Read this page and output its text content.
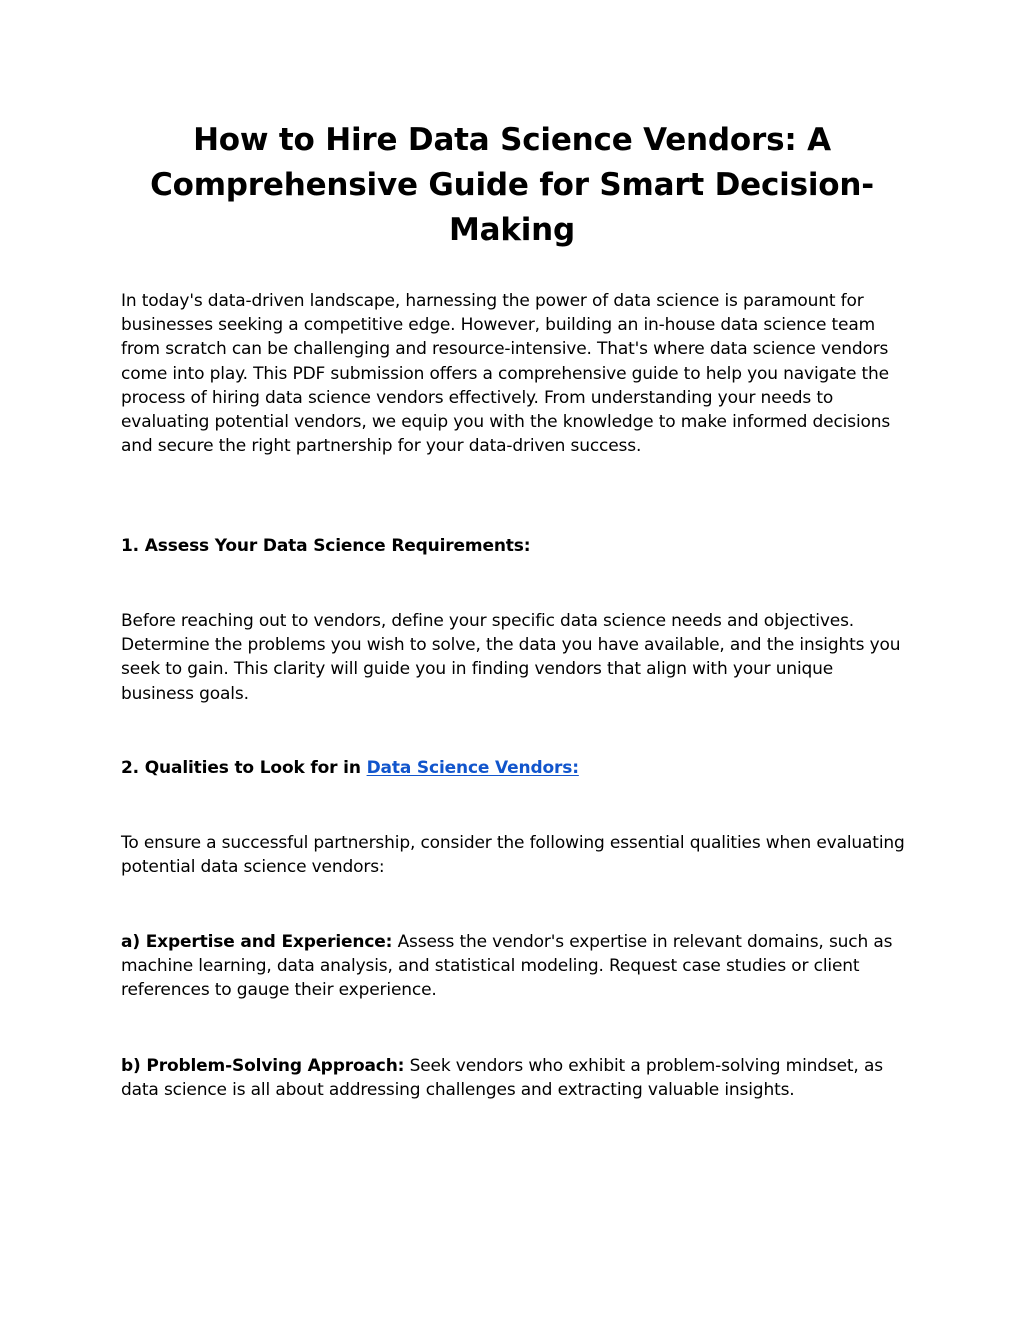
How to Hire Data Science Vendors: A Comprehensive Guide for Smart Decision-Making

In today's data-driven landscape, harnessing the power of data science is paramount for businesses seeking a competitive edge. However, building an in-house data science team from scratch can be challenging and resource-intensive. That's where data science vendors come into play. This PDF submission offers a comprehensive guide to help you navigate the process of hiring data science vendors effectively. From understanding your needs to evaluating potential vendors, we equip you with the knowledge to make informed decisions and secure the right partnership for your data-driven success.

1. Assess Your Data Science Requirements:

Before reaching out to vendors, define your specific data science needs and objectives. Determine the problems you wish to solve, the data you have available, and the insights you seek to gain. This clarity will guide you in finding vendors that align with your unique business goals.

2. Qualities to Look for in Data Science Vendors:

To ensure a successful partnership, consider the following essential qualities when evaluating potential data science vendors:

a) Expertise and Experience: Assess the vendor's expertise in relevant domains, such as machine learning, data analysis, and statistical modeling. Request case studies or client references to gauge their experience.

b) Problem-Solving Approach: Seek vendors who exhibit a problem-solving mindset, as data science is all about addressing challenges and extracting valuable insights.
